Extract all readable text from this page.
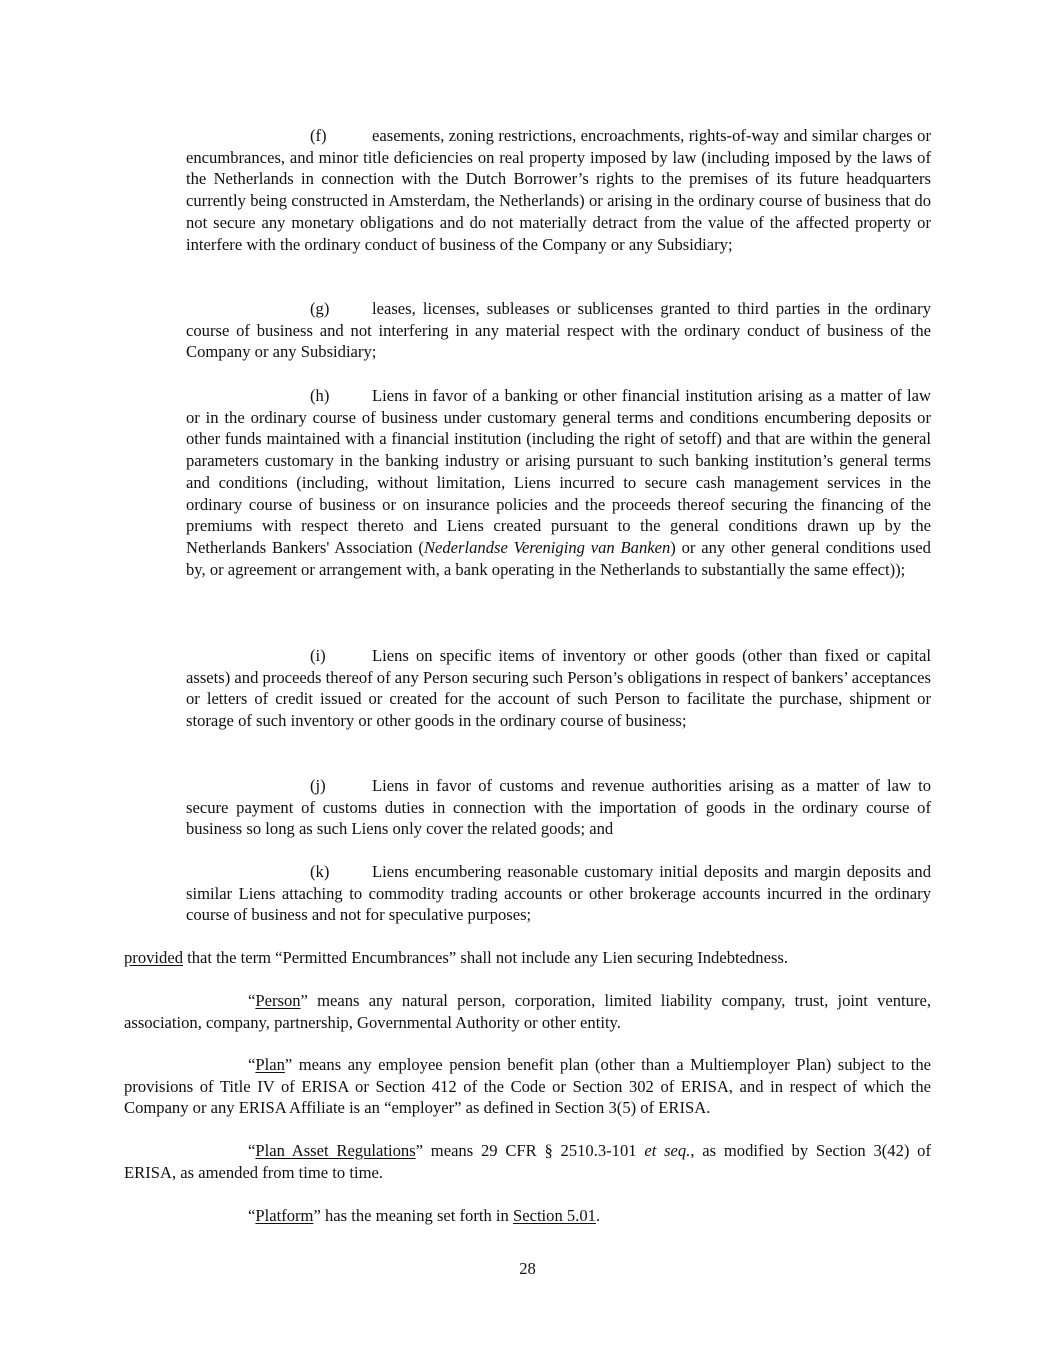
(f)	easements, zoning restrictions, encroachments, rights-of-way and similar charges or encumbrances, and minor title deficiencies on real property imposed by law (including imposed by the laws of the Netherlands in connection with the Dutch Borrower’s rights to the premises of its future headquarters currently being constructed in Amsterdam, the Netherlands) or arising in the ordinary course of business that do not secure any monetary obligations and do not materially detract from the value of the affected property or interfere with the ordinary conduct of business of the Company or any Subsidiary;

(g)	leases, licenses, subleases or sublicenses granted to third parties in the ordinary course of business and not interfering in any material respect with the ordinary conduct of business of the Company or any Subsidiary;

(h)	Liens in favor of a banking or other financial institution arising as a matter of law or in the ordinary course of business under customary general terms and conditions encumbering deposits or other funds maintained with a financial institution (including the right of setoff) and that are within the general parameters customary in the banking industry or arising pursuant to such banking institution’s general terms and conditions (including, without limitation, Liens incurred to secure cash management services in the ordinary course of business or on insurance policies and the proceeds thereof securing the financing of the premiums with respect thereto and Liens created pursuant to the general conditions drawn up by the Netherlands Bankers' Association (Nederlandse Vereniging van Banken) or any other general conditions used by, or agreement or arrangement with, a bank operating in the Netherlands to substantially the same effect));

(i)	Liens on specific items of inventory or other goods (other than fixed or capital assets) and proceeds thereof of any Person securing such Person’s obligations in respect of bankers’ acceptances or letters of credit issued or created for the account of such Person to facilitate the purchase, shipment or storage of such inventory or other goods in the ordinary course of business;

(j)	Liens in favor of customs and revenue authorities arising as a matter of law to secure payment of customs duties in connection with the importation of goods in the ordinary course of business so long as such Liens only cover the related goods; and

(k)	Liens encumbering reasonable customary initial deposits and margin deposits and similar Liens attaching to commodity trading accounts or other brokerage accounts incurred in the ordinary course of business and not for speculative purposes;

provided that the term “Permitted Encumbrances” shall not include any Lien securing Indebtedness.

“Person” means any natural person, corporation, limited liability company, trust, joint venture, association, company, partnership, Governmental Authority or other entity.

“Plan” means any employee pension benefit plan (other than a Multiemployer Plan) subject to the provisions of Title IV of ERISA or Section 412 of the Code or Section 302 of ERISA, and in respect of which the Company or any ERISA Affiliate is an “employer” as defined in Section 3(5) of ERISA.

“Plan Asset Regulations” means 29 CFR § 2510.3-101 et seq., as modified by Section 3(42) of ERISA, as amended from time to time.

“Platform” has the meaning set forth in Section 5.01.

28
